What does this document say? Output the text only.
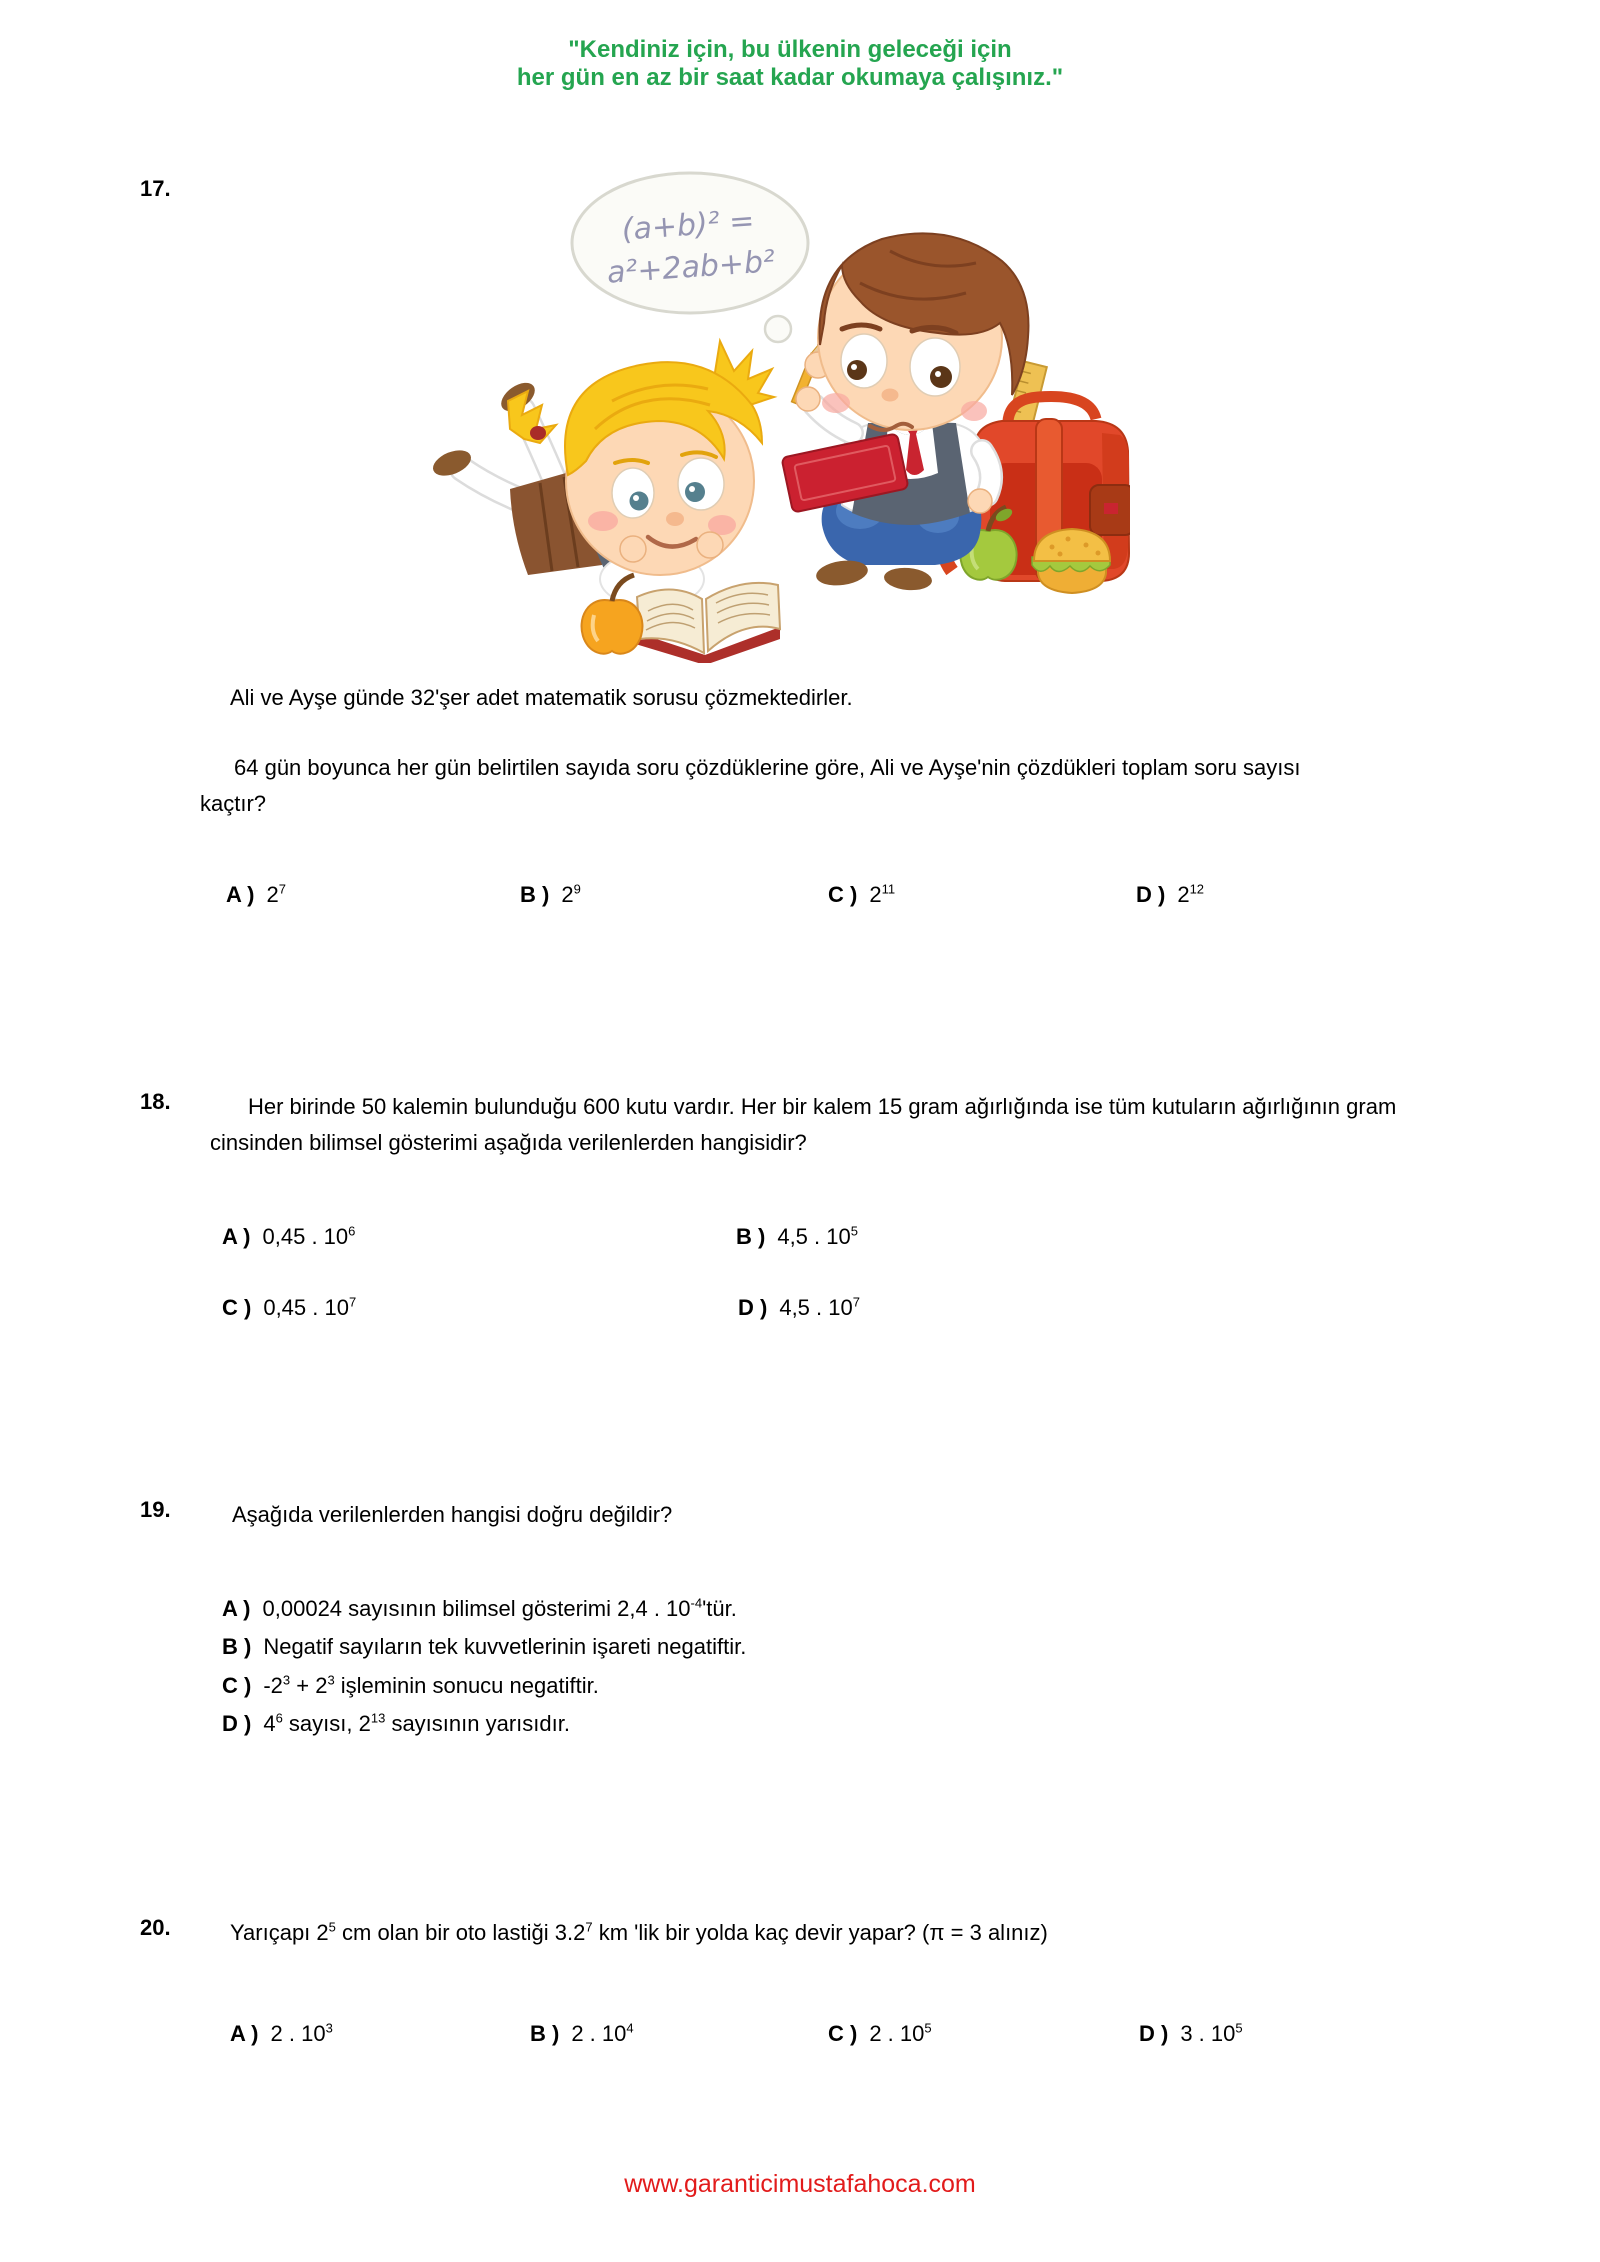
"Kendiniz için, bu ülkenin geleceği için
her gün en az bir saat kadar okumaya çalışınız."
17.
(a+b)² =
a²+2ab+b²
Ali ve Ayşe günde 32'şer adet matematik sorusu çözmektedirler.
64 gün boyunca her gün belirtilen sayıda soru çözdüklerine göre, Ali ve Ayşe'nin çözdükleri toplam soru sayısı kaçtır?
A ) $2^7$	B ) $2^9$	C ) $2^{11}$	D ) $2^{12}$
18.	Her birinde 50 kalemin bulunduğu 600 kutu vardır. Her bir kalem 15 gram ağırlığında ise tüm kutuların ağırlığının gram cinsinden bilimsel gösterimi aşağıda verilenlerden hangisidir?
A ) 0,45 . $10^6$	B ) 4,5 . $10^5$
C ) 0,45 . $10^7$	D ) 4,5 . $10^7$
19.	Aşağıda verilenlerden hangisi doğru değildir?
A ) 0,00024 sayısının bilimsel gösterimi 2,4 . $10^{-4}'tür$.
B ) Negatif sayıların tek kuvvetlerinin işareti negatiftir.
C ) $-2^3 + 2^3$ işleminin sonucu negatiftir.
D ) $4^6$ sayısı, $2^{13}$ sayısının yarısıdır.
20.	Yarıçapı $2^5$ cm olan bir oto lastiği $3.2^7$ km 'lik bir yolda kaç devir yapar? (π = 3 alınız)
A ) 2 . $10^3$	B ) 2 . $10^4$	C ) 2 . $10^5$	D ) 3 . $10^5$
www.garanticimustafahoca.com
